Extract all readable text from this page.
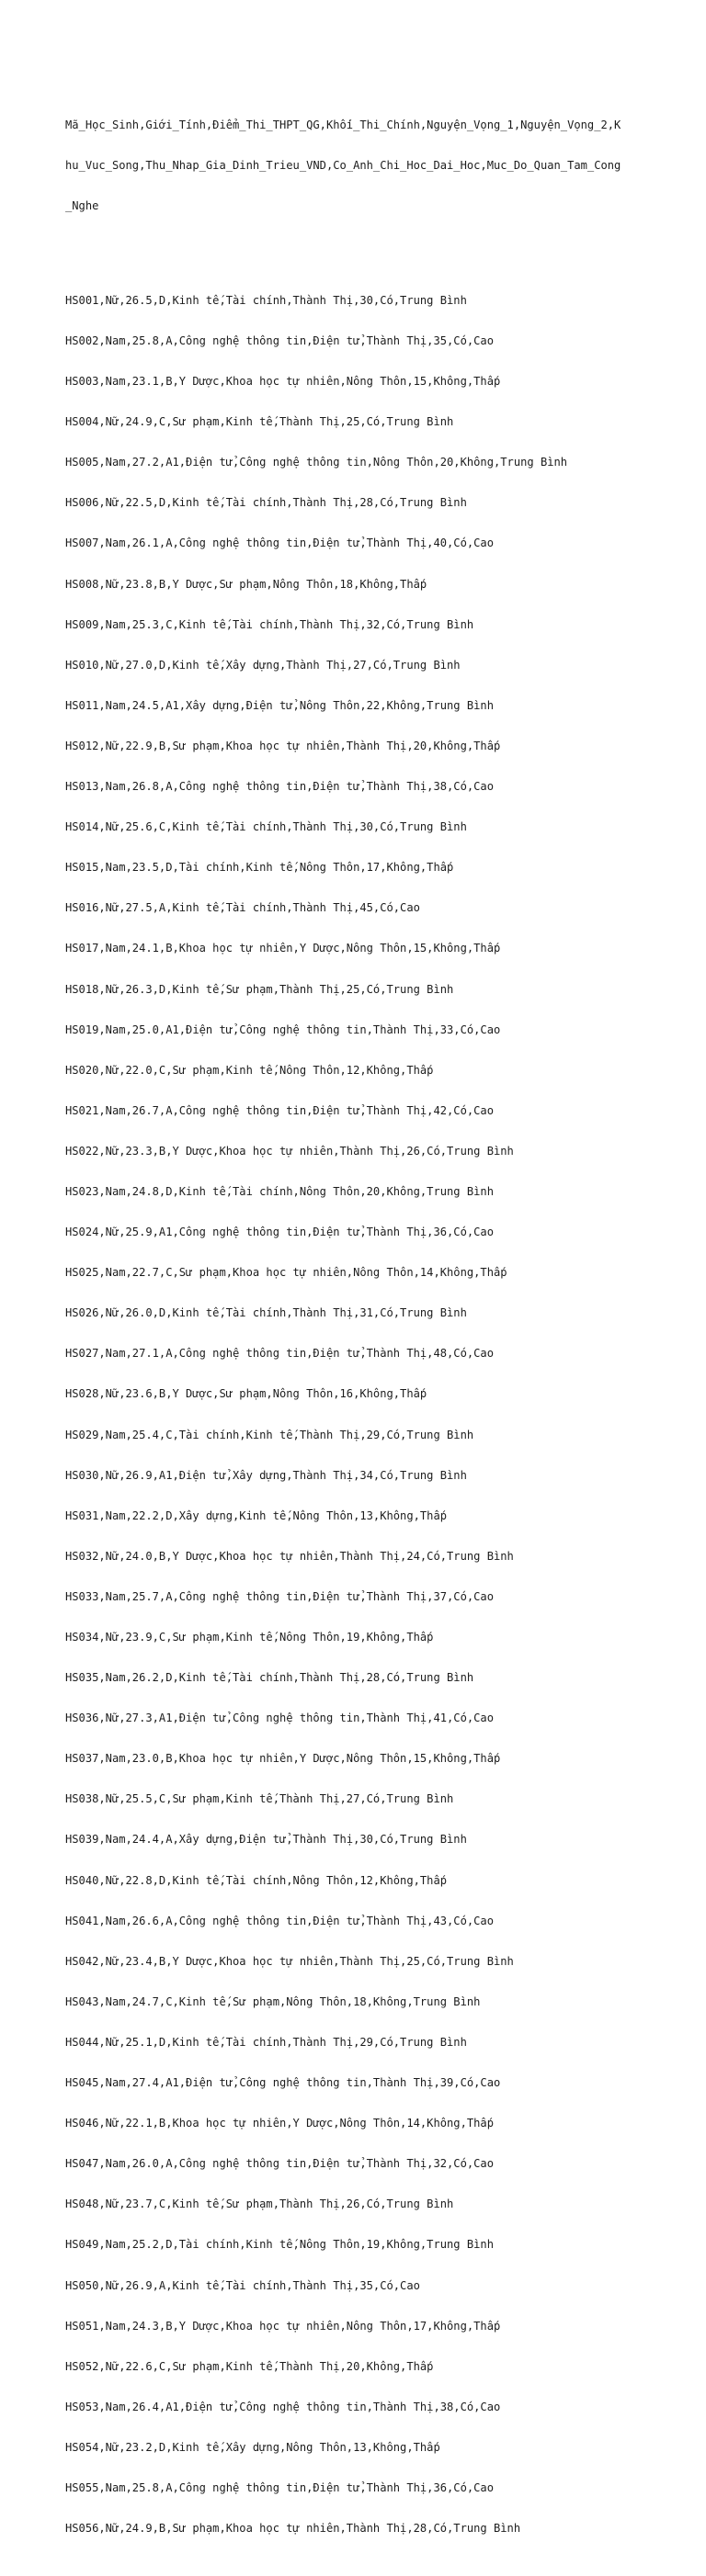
Mã_Học_Sinh,Giới_Tính,Điểm_Thi_THPT_QG,Khối_Thi_Chính,Nguyện_Vọng_1,Nguyện_Vọng_2,K

hu_Vuc_Song,Thu_Nhap_Gia_Dinh_Trieu_VND,Co_Anh_Chi_Hoc_Dai_Hoc,Muc_Do_Quan_Tam_Cong

_Nghe

HS001,Nữ,26.5,D,Kinh tế,Tài chính,Thành Thị,30,Có,Trung Bình

HS002,Nam,25.8,A,Công nghệ thông tin,Điện tử,Thành Thị,35,Có,Cao

HS003,Nam,23.1,B,Y Dược,Khoa học tự nhiên,Nông Thôn,15,Không,Thấp

HS004,Nữ,24.9,C,Sư phạm,Kinh tế,Thành Thị,25,Có,Trung Bình

HS005,Nam,27.2,A1,Điện tử,Công nghệ thông tin,Nông Thôn,20,Không,Trung Bình

HS006,Nữ,22.5,D,Kinh tế,Tài chính,Thành Thị,28,Có,Trung Bình

HS007,Nam,26.1,A,Công nghệ thông tin,Điện tử,Thành Thị,40,Có,Cao

HS008,Nữ,23.8,B,Y Dược,Sư phạm,Nông Thôn,18,Không,Thấp

HS009,Nam,25.3,C,Kinh tế,Tài chính,Thành Thị,32,Có,Trung Bình

HS010,Nữ,27.0,D,Kinh tế,Xây dựng,Thành Thị,27,Có,Trung Bình

HS011,Nam,24.5,A1,Xây dựng,Điện tử,Nông Thôn,22,Không,Trung Bình

HS012,Nữ,22.9,B,Sư phạm,Khoa học tự nhiên,Thành Thị,20,Không,Thấp

HS013,Nam,26.8,A,Công nghệ thông tin,Điện tử,Thành Thị,38,Có,Cao

HS014,Nữ,25.6,C,Kinh tế,Tài chính,Thành Thị,30,Có,Trung Bình

HS015,Nam,23.5,D,Tài chính,Kinh tế,Nông Thôn,17,Không,Thấp

HS016,Nữ,27.5,A,Kinh tế,Tài chính,Thành Thị,45,Có,Cao

HS017,Nam,24.1,B,Khoa học tự nhiên,Y Dược,Nông Thôn,15,Không,Thấp

HS018,Nữ,26.3,D,Kinh tế,Sư phạm,Thành Thị,25,Có,Trung Bình

HS019,Nam,25.0,A1,Điện tử,Công nghệ thông tin,Thành Thị,33,Có,Cao

HS020,Nữ,22.0,C,Sư phạm,Kinh tế,Nông Thôn,12,Không,Thấp

HS021,Nam,26.7,A,Công nghệ thông tin,Điện tử,Thành Thị,42,Có,Cao

HS022,Nữ,23.3,B,Y Dược,Khoa học tự nhiên,Thành Thị,26,Có,Trung Bình

HS023,Nam,24.8,D,Kinh tế,Tài chính,Nông Thôn,20,Không,Trung Bình

HS024,Nữ,25.9,A1,Công nghệ thông tin,Điện tử,Thành Thị,36,Có,Cao

HS025,Nam,22.7,C,Sư phạm,Khoa học tự nhiên,Nông Thôn,14,Không,Thấp

HS026,Nữ,26.0,D,Kinh tế,Tài chính,Thành Thị,31,Có,Trung Bình

HS027,Nam,27.1,A,Công nghệ thông tin,Điện tử,Thành Thị,48,Có,Cao

HS028,Nữ,23.6,B,Y Dược,Sư phạm,Nông Thôn,16,Không,Thấp

HS029,Nam,25.4,C,Tài chính,Kinh tế,Thành Thị,29,Có,Trung Bình

HS030,Nữ,26.9,A1,Điện tử,Xây dựng,Thành Thị,34,Có,Trung Bình

HS031,Nam,22.2,D,Xây dựng,Kinh tế,Nông Thôn,13,Không,Thấp

HS032,Nữ,24.0,B,Y Dược,Khoa học tự nhiên,Thành Thị,24,Có,Trung Bình

HS033,Nam,25.7,A,Công nghệ thông tin,Điện tử,Thành Thị,37,Có,Cao

HS034,Nữ,23.9,C,Sư phạm,Kinh tế,Nông Thôn,19,Không,Thấp

HS035,Nam,26.2,D,Kinh tế,Tài chính,Thành Thị,28,Có,Trung Bình

HS036,Nữ,27.3,A1,Điện tử,Công nghệ thông tin,Thành Thị,41,Có,Cao

HS037,Nam,23.0,B,Khoa học tự nhiên,Y Dược,Nông Thôn,15,Không,Thấp

HS038,Nữ,25.5,C,Sư phạm,Kinh tế,Thành Thị,27,Có,Trung Bình

HS039,Nam,24.4,A,Xây dựng,Điện tử,Thành Thị,30,Có,Trung Bình

HS040,Nữ,22.8,D,Kinh tế,Tài chính,Nông Thôn,12,Không,Thấp

HS041,Nam,26.6,A,Công nghệ thông tin,Điện tử,Thành Thị,43,Có,Cao

HS042,Nữ,23.4,B,Y Dược,Khoa học tự nhiên,Thành Thị,25,Có,Trung Bình

HS043,Nam,24.7,C,Kinh tế,Sư phạm,Nông Thôn,18,Không,Trung Bình

HS044,Nữ,25.1,D,Kinh tế,Tài chính,Thành Thị,29,Có,Trung Bình

HS045,Nam,27.4,A1,Điện tử,Công nghệ thông tin,Thành Thị,39,Có,Cao

HS046,Nữ,22.1,B,Khoa học tự nhiên,Y Dược,Nông Thôn,14,Không,Thấp

HS047,Nam,26.0,A,Công nghệ thông tin,Điện tử,Thành Thị,32,Có,Cao

HS048,Nữ,23.7,C,Kinh tế,Sư phạm,Thành Thị,26,Có,Trung Bình

HS049,Nam,25.2,D,Tài chính,Kinh tế,Nông Thôn,19,Không,Trung Bình

HS050,Nữ,26.9,A,Kinh tế,Tài chính,Thành Thị,35,Có,Cao

HS051,Nam,24.3,B,Y Dược,Khoa học tự nhiên,Nông Thôn,17,Không,Thấp

HS052,Nữ,22.6,C,Sư phạm,Kinh tế,Thành Thị,20,Không,Thấp

HS053,Nam,26.4,A1,Điện tử,Công nghệ thông tin,Thành Thị,38,Có,Cao

HS054,Nữ,23.2,D,Kinh tế,Xây dựng,Nông Thôn,13,Không,Thấp

HS055,Nam,25.8,A,Công nghệ thông tin,Điện tử,Thành Thị,36,Có,Cao

HS056,Nữ,24.9,B,Sư phạm,Khoa học tự nhiên,Thành Thị,28,Có,Trung Bình
